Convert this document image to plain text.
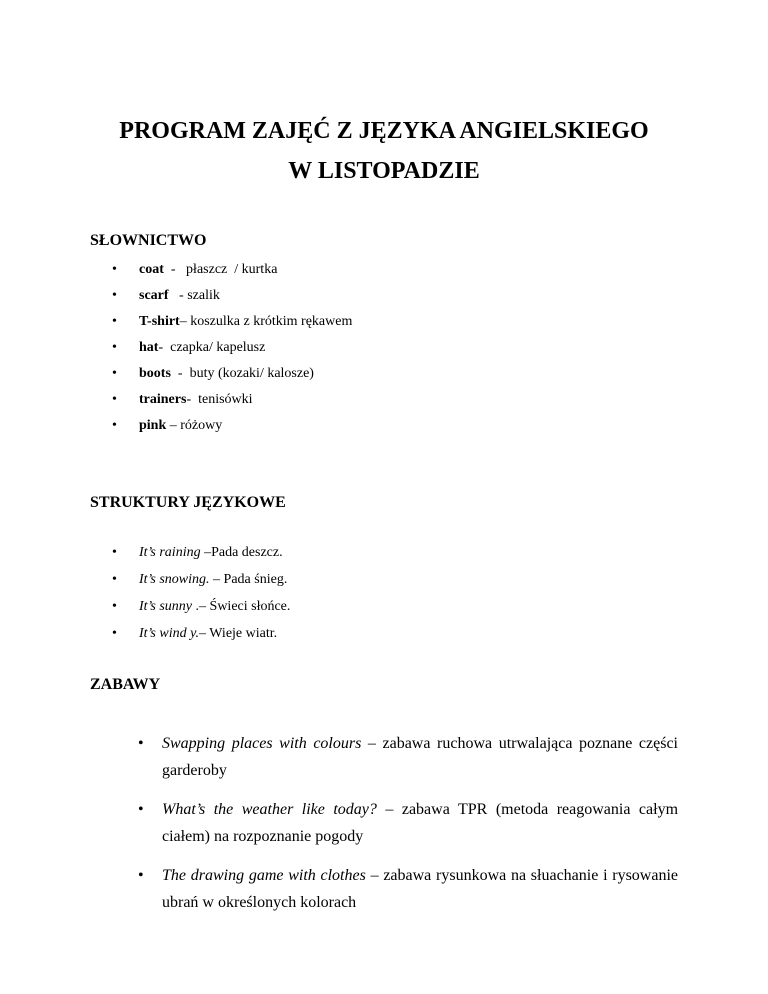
PROGRAM ZAJĘĆ Z JĘZYKA ANGIELSKIEGO
W LISTOPADZIE
SŁOWNICTWO
• coat  -   płaszcz  / kurtka
• scarf   - szalik
• T-shirt– koszulka z krótkim rękawem
• hat-  czapka/ kapelusz
• boots  -  buty (kozaki/ kalosze)
• trainers-  tenisówki
• pink – różowy
STRUKTURY JĘZYKOWE
• It’s raining –Pada deszcz.
• It’s snowing. – Pada śnieg.
• It’s sunny .– Świeci słońce.
• It’s wind y.– Wieje wiatr.
ZABAWY
• Swapping places with colours – zabawa ruchowa utrwalająca poznane części garderoby
• What’s the weather like today? – zabawa TPR (metoda reagowania całym ciałem) na rozpoznanie pogody
• The drawing game with clothes – zabawa rysunkowa na słuachanie i rysowanie ubrań w określonych kolorach
